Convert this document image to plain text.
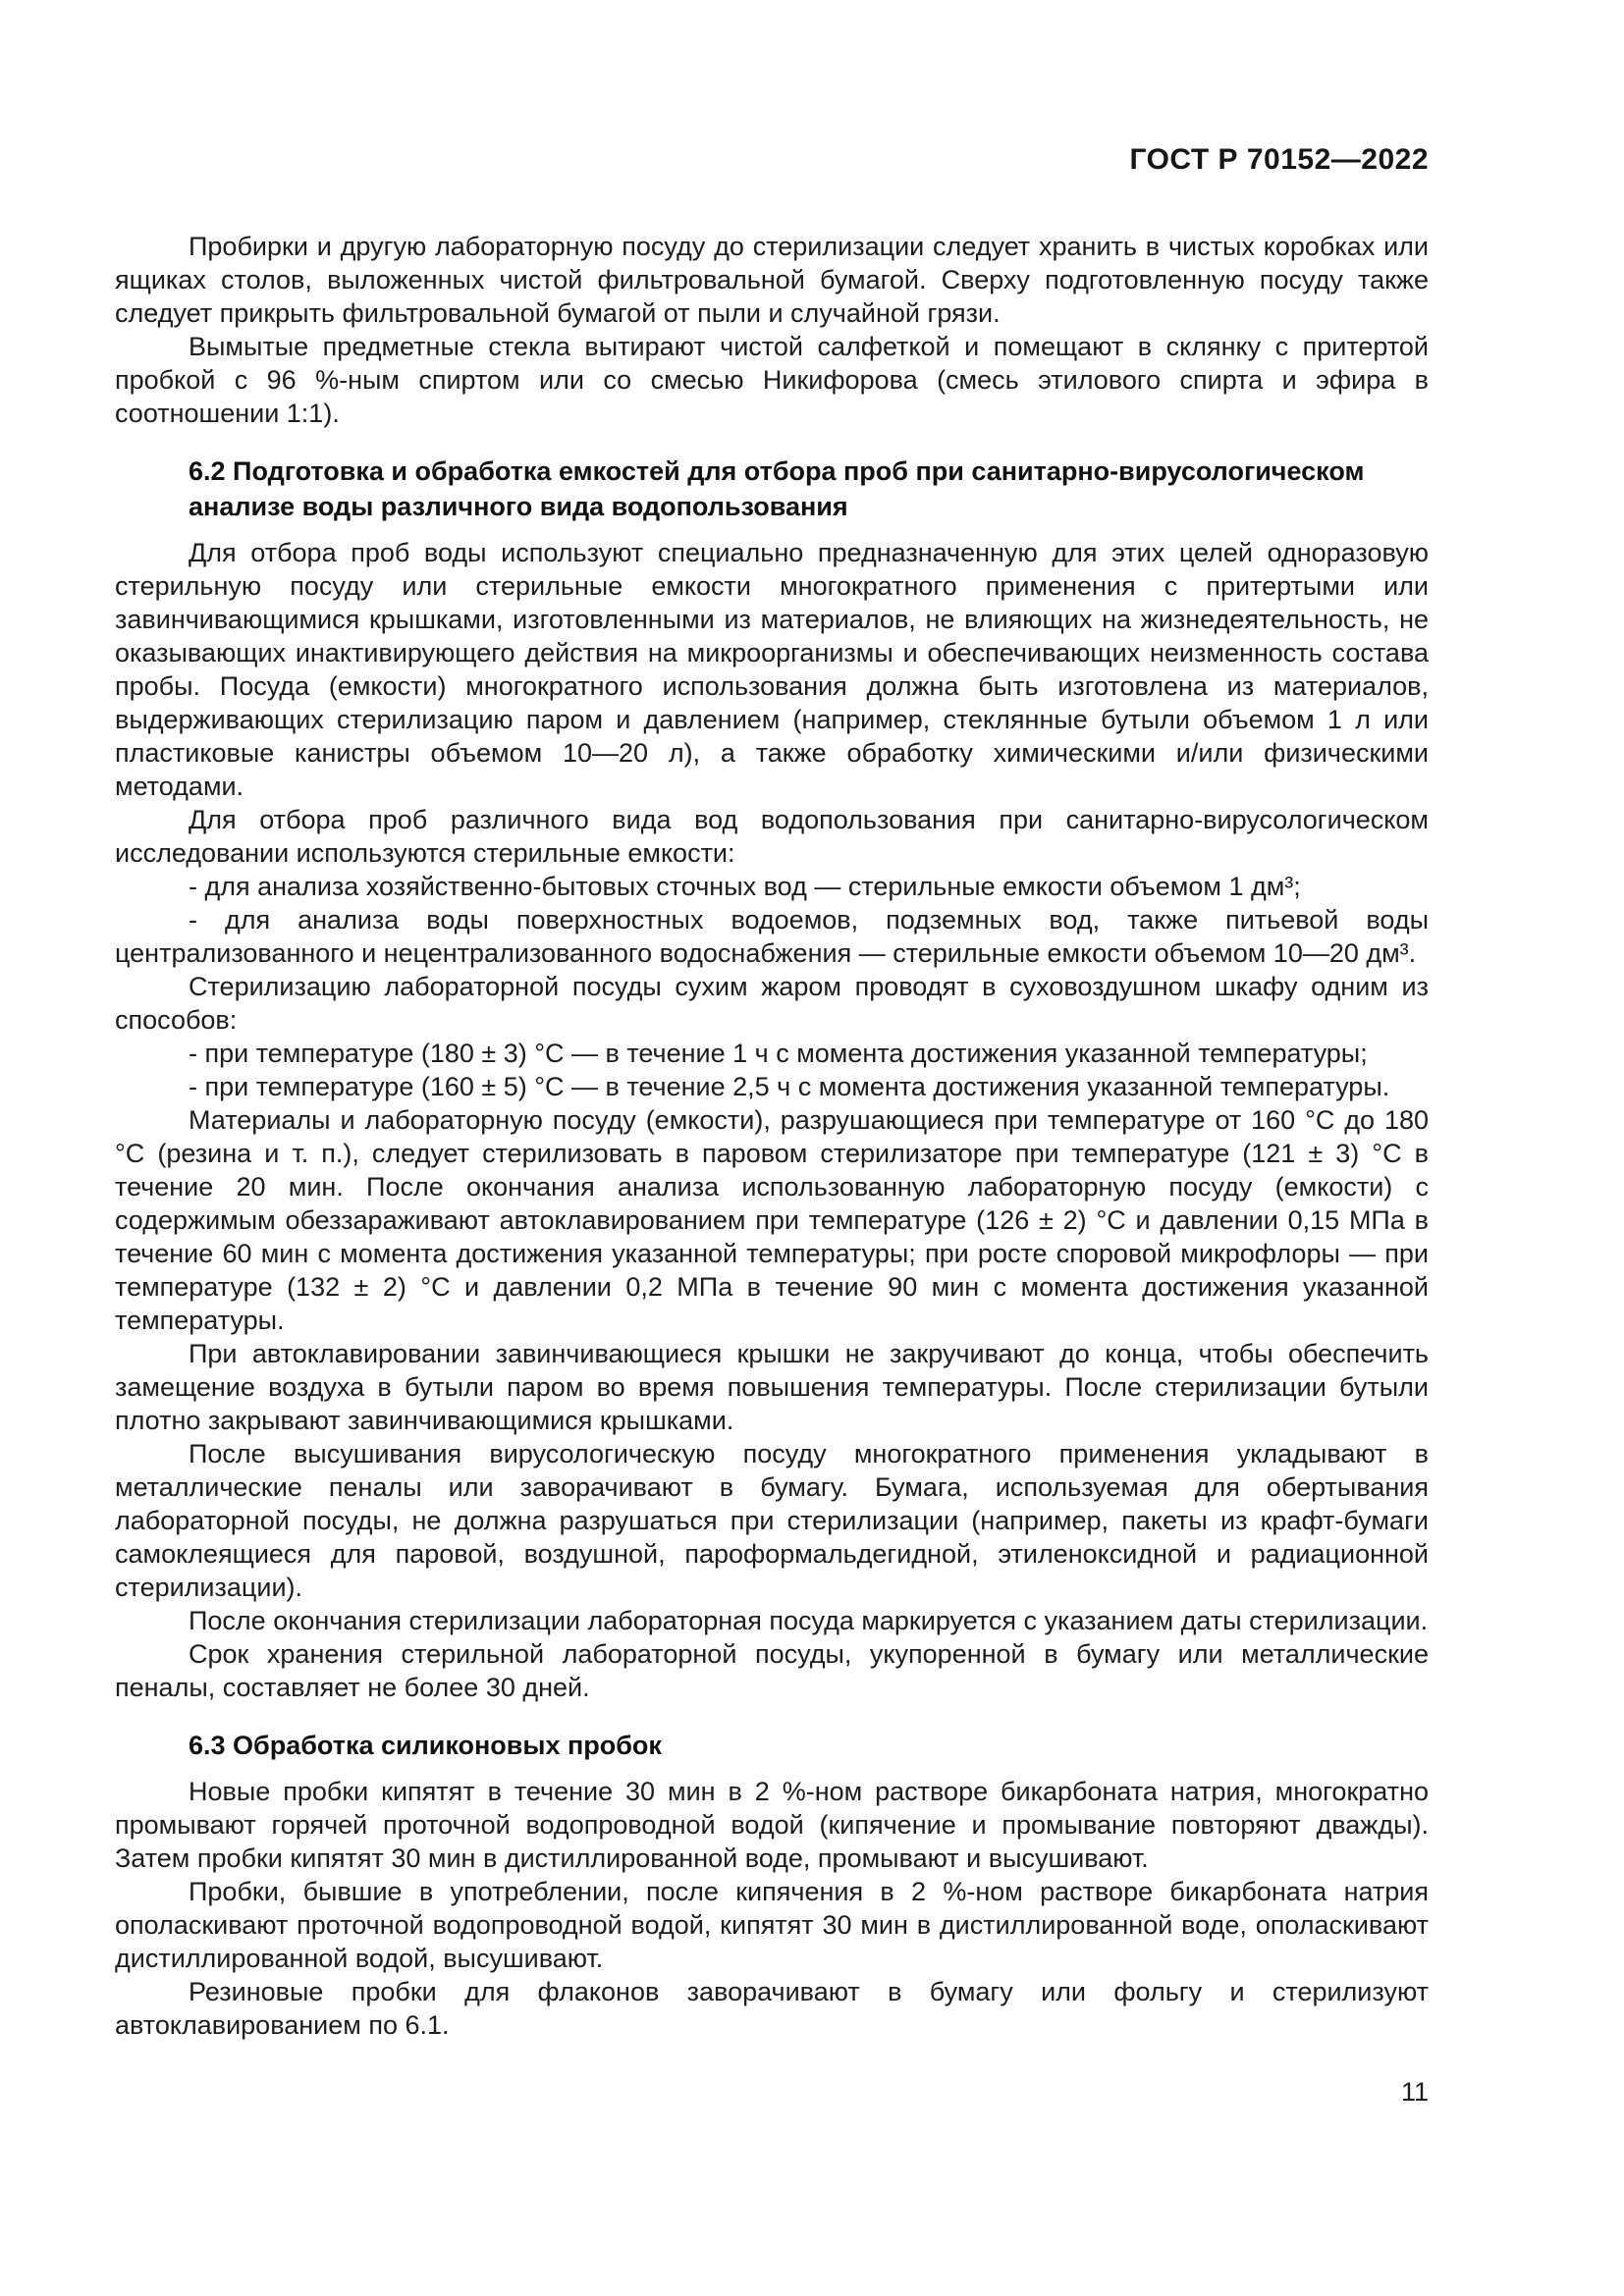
ГОСТ Р 70152—2022

Пробирки и другую лабораторную посуду до стерилизации следует хранить в чистых коробках или ящиках столов, выложенных чистой фильтровальной бумагой. Сверху подготовленную посуду также следует прикрыть фильтровальной бумагой от пыли и случайной грязи.

Вымытые предметные стекла вытирают чистой салфеткой и помещают в склянку с притертой пробкой с 96 %-ным спиртом или со смесью Никифорова (смесь этилового спирта и эфира в соотношении 1:1).

6.2 Подготовка и обработка емкостей для отбора проб при санитарно-вирусологическом анализе воды различного вида водопользования

Для отбора проб воды используют специально предназначенную для этих целей одноразовую стерильную посуду или стерильные емкости многократного применения с притертыми или завинчивающимися крышками, изготовленными из материалов, не влияющих на жизнедеятельность, не оказывающих инактивирующего действия на микроорганизмы и обеспечивающих неизменность состава пробы. Посуда (емкости) многократного использования должна быть изготовлена из материалов, выдерживающих стерилизацию паром и давлением (например, стеклянные бутыли объемом 1 л или пластиковые канистры объемом 10—20 л), а также обработку химическими и/или физическими методами.

Для отбора проб различного вида вод водопользования при санитарно-вирусологическом исследовании используются стерильные емкости:

- для анализа хозяйственно-бытовых сточных вод — стерильные емкости объемом 1 дм³;

- для анализа воды поверхностных водоемов, подземных вод, также питьевой воды централизованного и нецентрализованного водоснабжения — стерильные емкости объемом 10—20 дм³.

Стерилизацию лабораторной посуды сухим жаром проводят в суховоздушном шкафу одним из способов:

- при температуре (180 ± 3) °С — в течение 1 ч с момента достижения указанной температуры;

- при температуре (160 ± 5) °С — в течение 2,5 ч с момента достижения указанной температуры.

Материалы и лабораторную посуду (емкости), разрушающиеся при температуре от 160 °С до 180 °С (резина и т. п.), следует стерилизовать в паровом стерилизаторе при температуре (121 ± 3) °С в течение 20 мин. После окончания анализа использованную лабораторную посуду (емкости) с содержимым обеззараживают автоклавированием при температуре (126 ± 2) °С и давлении 0,15 МПа в течение 60 мин с момента достижения указанной температуры; при росте споровой микрофлоры — при температуре (132 ± 2) °С и давлении 0,2 МПа в течение 90 мин с момента достижения указанной температуры.

При автоклавировании завинчивающиеся крышки не закручивают до конца, чтобы обеспечить замещение воздуха в бутыли паром во время повышения температуры. После стерилизации бутыли плотно закрывают завинчивающимися крышками.

После высушивания вирусологическую посуду многократного применения укладывают в металлические пеналы или заворачивают в бумагу. Бумага, используемая для обертывания лабораторной посуды, не должна разрушаться при стерилизации (например, пакеты из крафт-бумаги самоклеящиеся для паровой, воздушной, пароформальдегидной, этиленоксидной и радиационной стерилизации).

После окончания стерилизации лабораторная посуда маркируется с указанием даты стерилизации.

Срок хранения стерильной лабораторной посуды, укупоренной в бумагу или металлические пеналы, составляет не более 30 дней.

6.3 Обработка силиконовых пробок

Новые пробки кипятят в течение 30 мин в 2 %-ном растворе бикарбоната натрия, многократно промывают горячей проточной водопроводной водой (кипячение и промывание повторяют дважды). Затем пробки кипятят 30 мин в дистиллированной воде, промывают и высушивают.

Пробки, бывшие в употреблении, после кипячения в 2 %-ном растворе бикарбоната натрия ополаскивают проточной водопроводной водой, кипятят 30 мин в дистиллированной воде, ополаскивают дистиллированной водой, высушивают.

Резиновые пробки для флаконов заворачивают в бумагу или фольгу и стерилизуют автоклавированием по 6.1.

11
